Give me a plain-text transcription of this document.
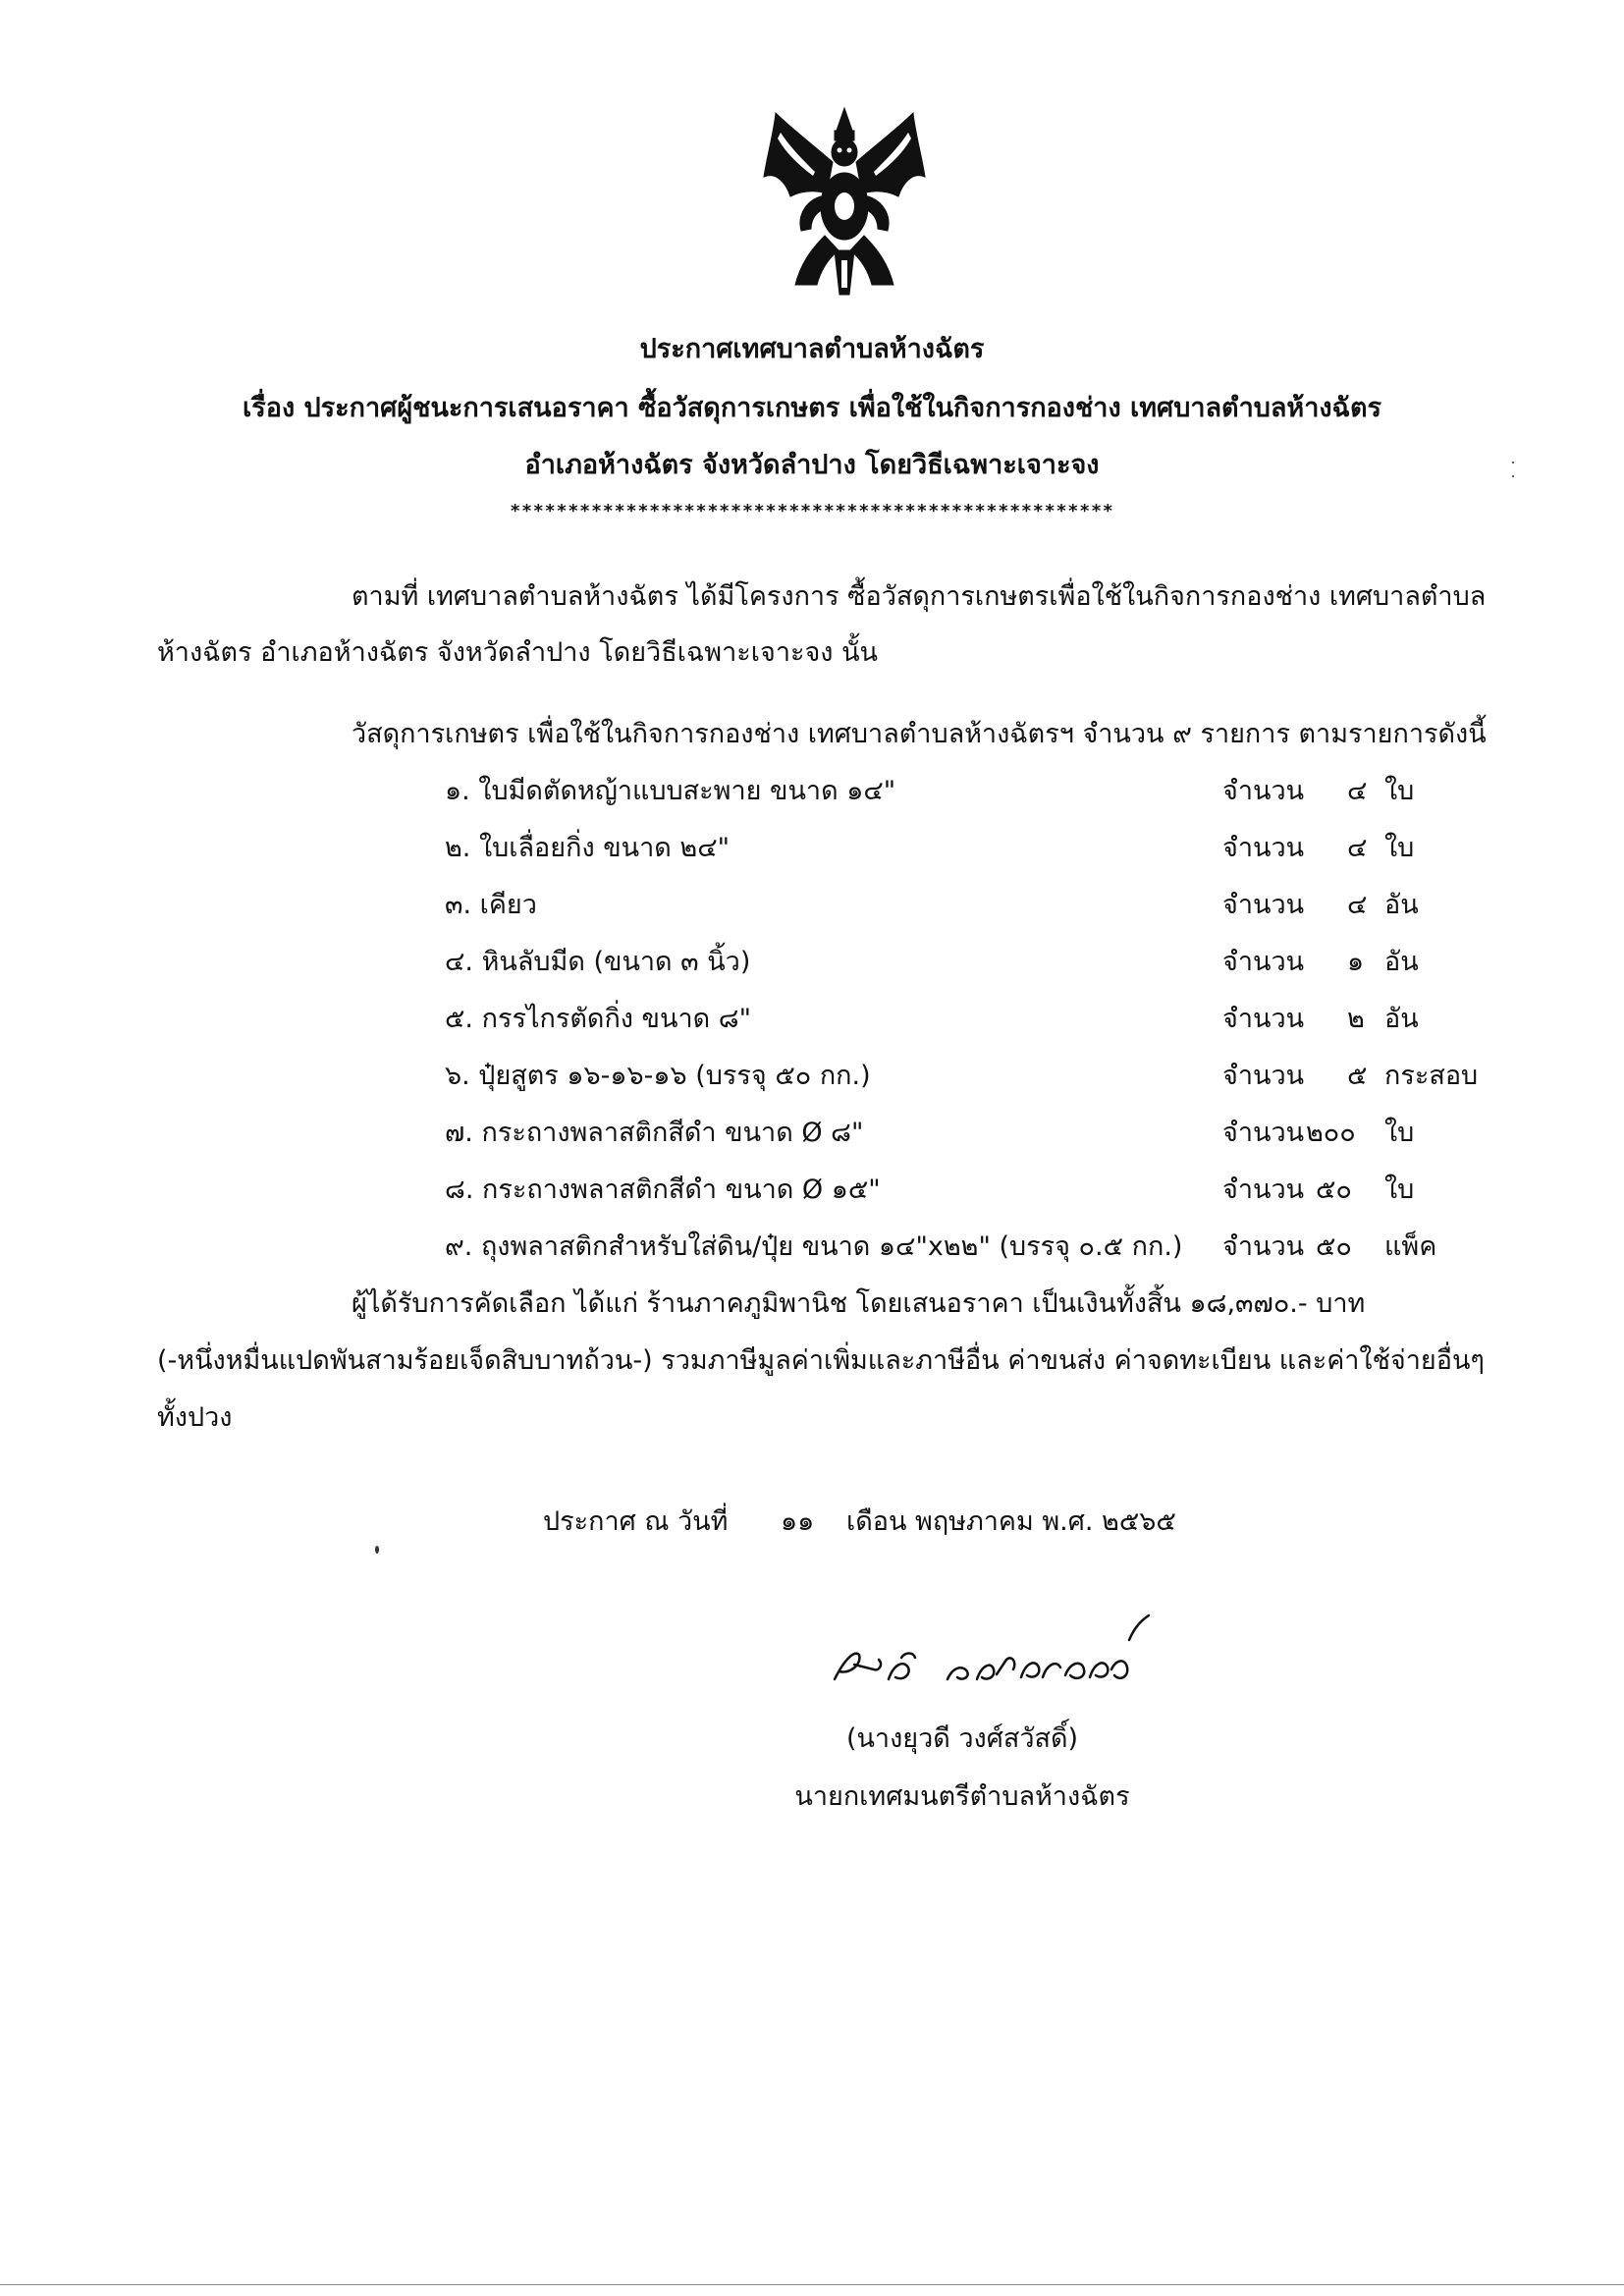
ประกาศเทศบาลตำบลห้างฉัตร
เรื่อง ประกาศผู้ชนะการเสนอราคา ซื้อวัสดุการเกษตร เพื่อใช้ในกิจการกองช่าง เทศบาลตำบลห้างฉัตร
อำเภอห้างฉัตร จังหวัดลำปาง โดยวิธีเฉพาะเจาะจง
****************************************************
ตามที่ เทศบาลตำบลห้างฉัตร ได้มีโครงการ ซื้อวัสดุการเกษตรเพื่อใช้ในกิจการกองช่าง เทศบาลตำบล
ห้างฉัตร อำเภอห้างฉัตร จังหวัดลำปาง โดยวิธีเฉพาะเจาะจง นั้น
วัสดุการเกษตร เพื่อใช้ในกิจการกองช่าง เทศบาลตำบลห้างฉัตรฯ จำนวน ๙ รายการ ตามรายการดังนี้
๑. ใบมีดตัดหญ้าแบบสะพาย ขนาด ๑๔"	จำนวน ๔ ใบ
๒. ใบเลื่อยกิ่ง ขนาด ๒๔"	จำนวน ๔ ใบ
๓. เคียว	จำนวน ๔ อัน
๔. หินลับมีด (ขนาด ๓ นิ้ว)	จำนวน ๑ อัน
๕. กรรไกรตัดกิ่ง ขนาด ๘"	จำนวน ๒ อัน
๖. ปุ๋ยสูตร ๑๖-๑๖-๑๖ (บรรจุ ๕๐ กก.)	จำนวน ๕ กระสอบ
๗. กระถางพลาสติกสีดำ ขนาด Ø ๘"	จำนวน ๒๐๐ ใบ
๘. กระถางพลาสติกสีดำ ขนาด Ø ๑๕"	จำนวน ๕๐ ใบ
๙. ถุงพลาสติกสำหรับใส่ดิน/ปุ๋ย ขนาด ๑๔"x๒๒" (บรรจุ ๐.๕ กก.) จำนวน ๕๐ แพ็ค
ผู้ได้รับการคัดเลือก ได้แก่ ร้านภาคภูมิพานิช โดยเสนอราคา เป็นเงินทั้งสิ้น ๑๘,๓๗๐.- บาท
(-หนึ่งหมื่นแปดพันสามร้อยเจ็ดสิบบาทถ้วน-) รวมภาษีมูลค่าเพิ่มและภาษีอื่น ค่าขนส่ง ค่าจดทะเบียน และค่าใช้จ่ายอื่นๆ
ทั้งปวง
ประกาศ ณ วันที่ ๑๑ เดือน พฤษภาคม พ.ศ. ๒๕๖๕
(นางยุวดี วงศ์สวัสดิ์)
นายกเทศมนตรีตำบลห้างฉัตร
